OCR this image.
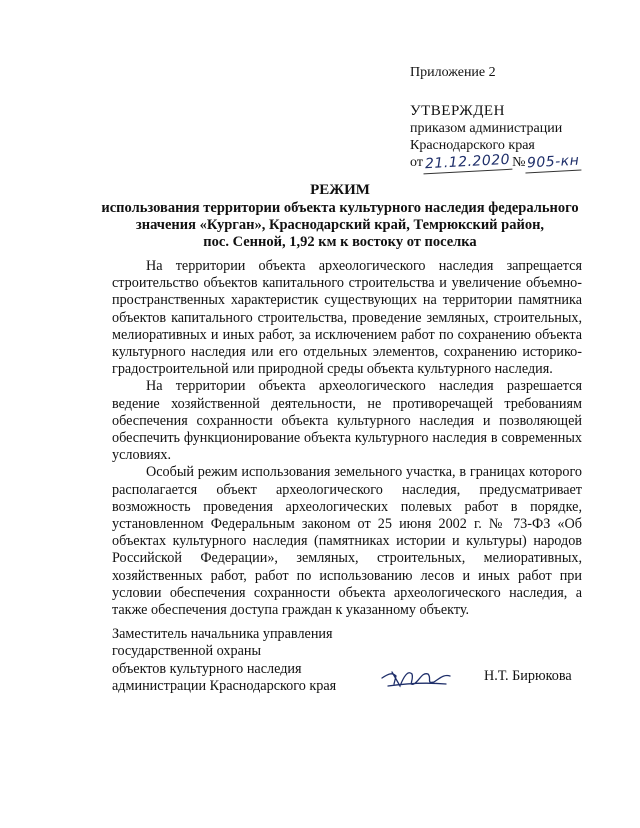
Приложение 2
УТВЕРЖДЕН
приказом администрации
Краснодарского края
от 21.12.2020 № 905-кн
РЕЖИМ
использования территории объекта культурного наследия федерального
значения «Курган», Краснодарский край, Темрюкский район,
пос. Сенной, 1,92 км к востоку от поселка

На территории объекта археологического наследия запрещается строительство объектов капитального строительства и увеличение объемно-пространственных характеристик существующих на территории памятника объектов капитального строительства, проведение земляных, строительных, мелиоративных и иных работ, за исключением работ по сохранению объекта культурного наследия или его отдельных элементов, сохранению историко-градостроительной или природной среды объекта культурного наследия.

На территории объекта археологического наследия разрешается ведение хозяйственной деятельности, не противоречащей требованиям обеспечения сохранности объекта культурного наследия и позволяющей обеспечить функционирование объекта культурного наследия в современных условиях.

Особый режим использования земельного участка, в границах которого располагается объект археологического наследия, предусматривает возможность проведения археологических полевых работ в порядке, установленном Федеральным законом от 25 июня 2002 г. № 73-ФЗ «Об объектах культурного наследия (памятниках истории и культуры) народов Российской Федерации», земляных, строительных, мелиоративных, хозяйственных работ, работ по использованию лесов и иных работ при условии обеспечения сохранности объекта археологического наследия, а также обеспечения доступа граждан к указанному объекту.

Заместитель начальника управления
государственной охраны
объектов культурного наследия
администрации Краснодарского края
Н.Т. Бирюкова
